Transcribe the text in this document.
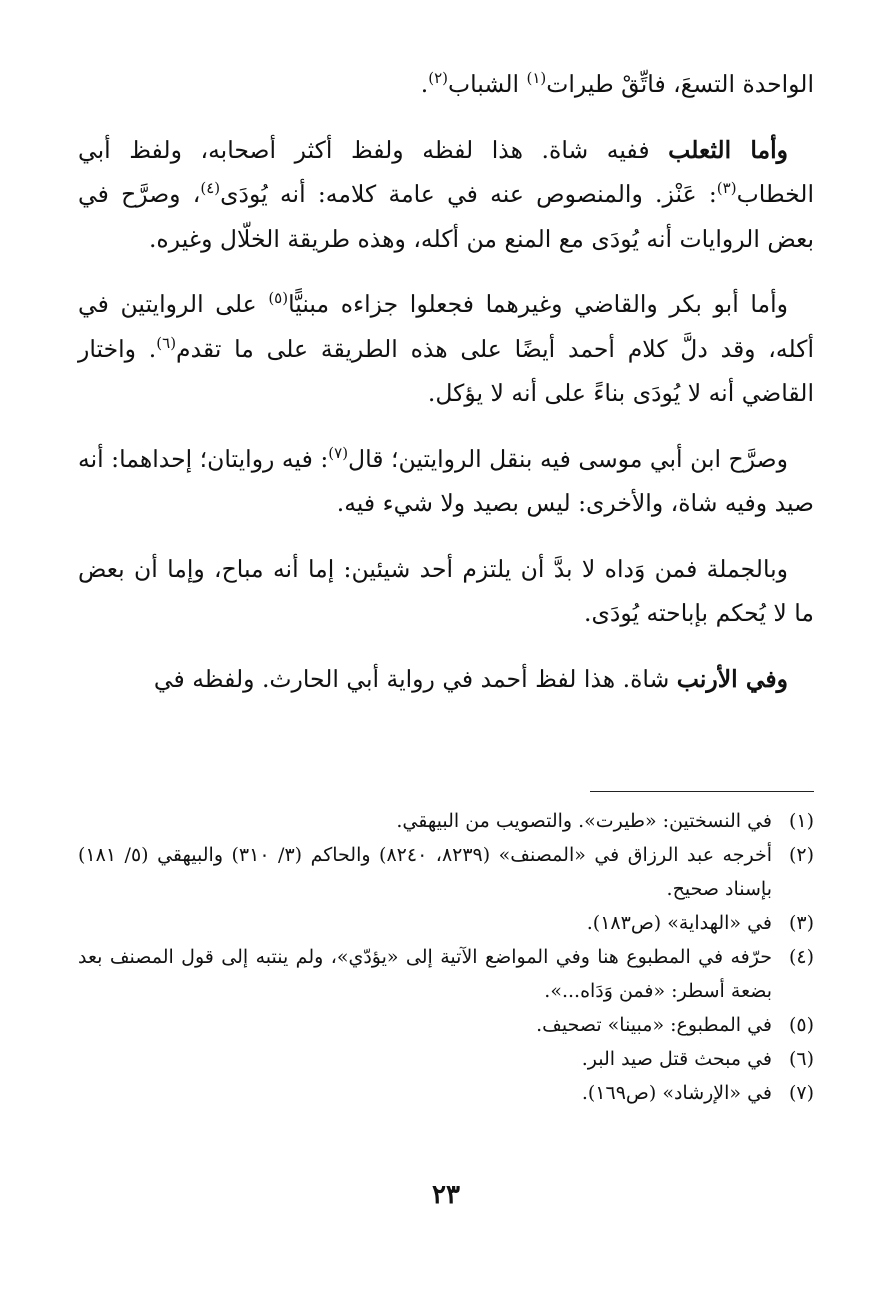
الواحدة التسعَ، فاتِّقْ طيرات$^{(١)}$ الشباب$^{(٢)}$.

وأما الثعلب ففيه شاة. هذا لفظه ولفظ أكثر أصحابه، ولفظ أبي الخطاب$^{(٣)}$: عَنْز. والمنصوص عنه في عامة كلامه: أنه يُودَى$^{(٤)}$، وصرَّح في بعض الروايات أنه يُودَى مع المنع من أكله، وهذه طريقة الخلّال وغيره.

وأما أبو بكر والقاضي وغيرهما فجعلوا جزاءه مبنيًّا$^{(٥)}$ على الروايتين في أكله، وقد دلَّ كلام أحمد أيضًا على هذه الطريقة على ما تقدم$^{(٦)}$. واختار القاضي أنه لا يُودَى بناءً على أنه لا يؤكل.

وصرَّح ابن أبي موسى فيه بنقل الروايتين؛ قال$^{(٧)}$: فيه روايتان؛ إحداهما: أنه صيد وفيه شاة، والأخرى: ليس بصيد ولا شيء فيه.

وبالجملة فمن وَداه لا بدَّ أن يلتزم أحد شيئين: إما أنه مباح، وإما أن بعض ما لا يُحكم بإباحته يُودَى.

وفي الأرنب شاة. هذا لفظ أحمد في رواية أبي الحارث. ولفظه في

(١)
في النسختين: «طيرت». والتصويب من البيهقي.
(٢)
أخرجه عبد الرزاق في «المصنف» (٨٢٣٩، ٨٢٤٠) والحاكم (٣/ ٣١٠) والبيهقي (٥/ ١٨١) بإسناد صحيح.
(٣)
في «الهداية» (ص١٨٣).
(٤)
حرّفه في المطبوع هنا وفي المواضع الآتية إلى «يؤدّي»، ولم ينتبه إلى قول المصنف بعد بضعة أسطر: «فمن وَدَاه...».
(٥)
في المطبوع: «مبينا» تصحيف.
(٦)
في مبحث قتل صيد البر.
(٧)
في «الإرشاد» (ص١٦٩).
٢٣
